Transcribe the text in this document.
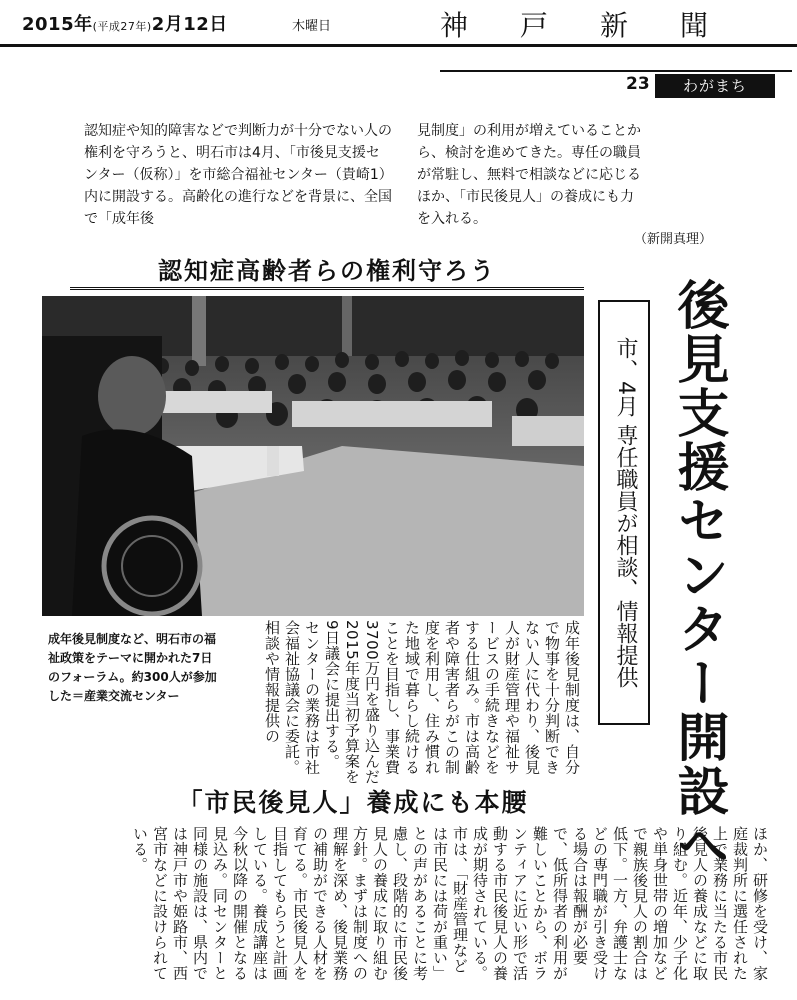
2015年(平成27年)2月12日	木曜日	神戸新聞
23	わがまち
認知症や知的障害などで判断力が十分でない人の権利を守ろうと、明石市は4月、「市後見支援センター（仮称）」を市総合福祉センター（貴崎1）内に開設する。高齢化の進行などを背景に、全国で「成年後
見制度」の利用が増えていることから、検討を進めてきた。専任の職員が常駐し、無料で相談などに応じるほか、「市民後見人」の養成にも力を入れる。
（新開真理）
認知症高齢者らの権利守ろう
成年後見制度など、明石市の福祉政策をテーマに開かれた7日のフォーラム。約300人が参加した＝産業交流センター	後見支援センター開設へ
市、4月 専任職員が相談、情報提供
成年後見制度は、自分で物事を十分判断できない人に代わり、後見人が財産管理や福祉サービスの手続きなどをする仕組み。市は高齢者や障害者らがこの制度を利用し、住み慣れた地域で暮らし続けることを目指し、事業費3700万円を盛り込んだ2015年度当初予算案を9日議会に提出する。センターの業務は市社会福祉協議会に委託。相談や情報提供の
「市民後見人」養成にも本腰
ほか、研修を受け、家庭裁判所に選任された上で業務に当たる市民後見人の養成などに取り組む。近年、少子化や単身世帯の増加などで親族後見人の割合は低下。一方、弁護士などの専門職が引き受ける場合は報酬が必要で、低所得者の利用が難しいことから、ボランティアに近い形で活動する市民後見人の養成が期待されている。市は、「財産管理などは市民には荷が重い」との声があることに考慮し、段階的に市民後見人の養成に取り組む方針。まずは制度への理解を深め、後見業務の補助ができる人材を育てる。市民後見人を目指してもらうと計画している。養成講座は今秋以降の開催となる見込み。同センターと同様の施設は、県内では神戸市や姫路市、西宮市などに設けられている。
